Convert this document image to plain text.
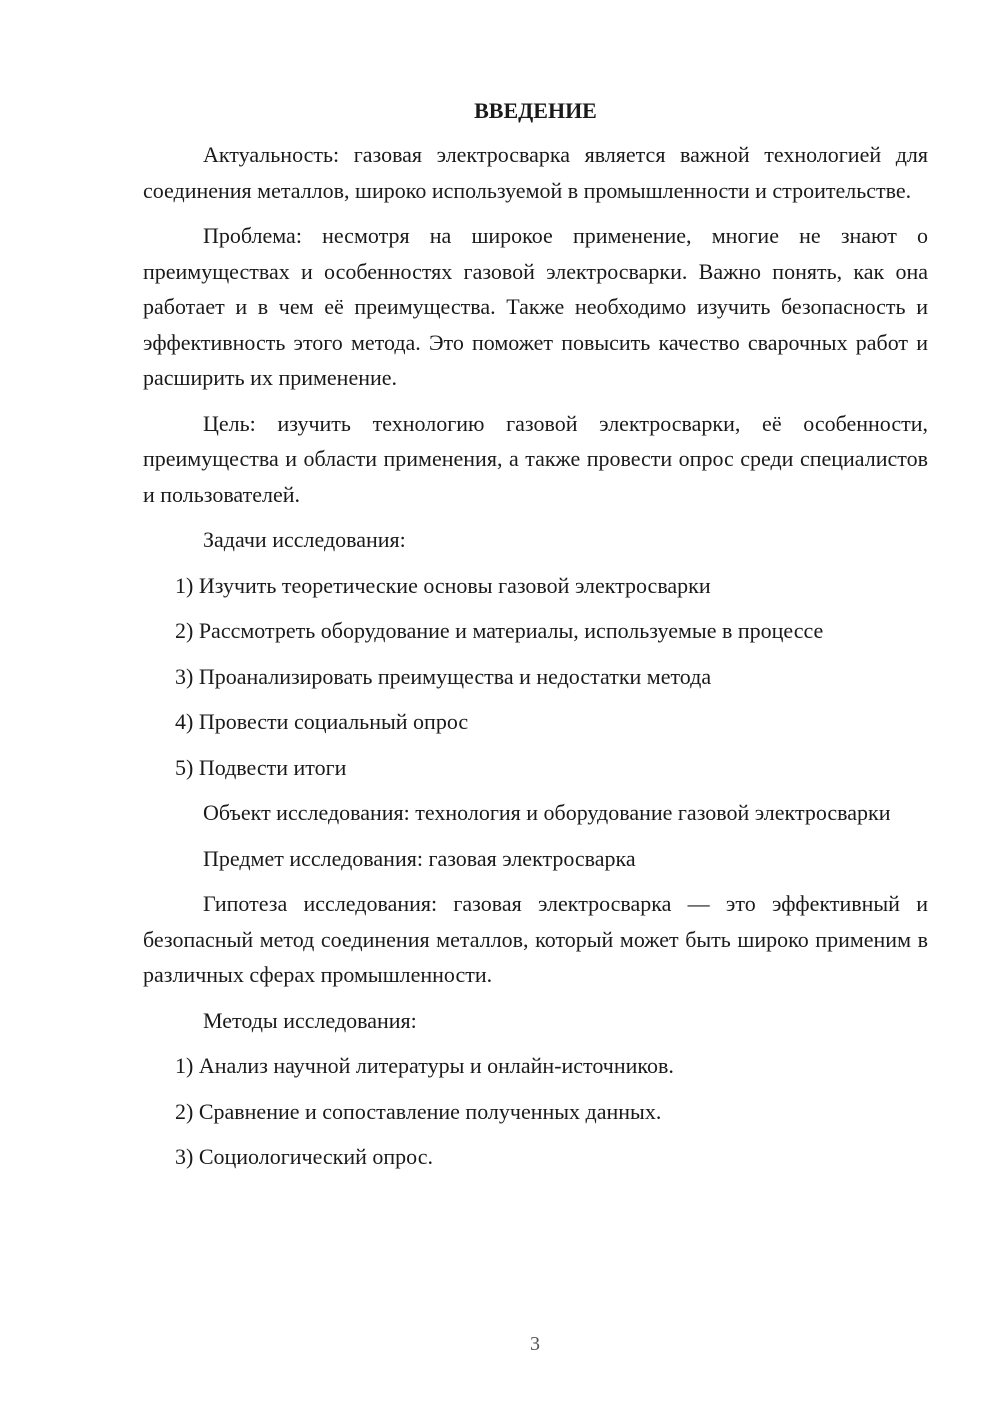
ВВЕДЕНИЕ

Актуальность: газовая электросварка является важной технологией для соединения металлов, широко используемой в промышленности и строительстве.

Проблема: несмотря на широкое применение, многие не знают о преимуществах и особенностях газовой электросварки. Важно понять, как она работает и в чем её преимущества. Также необходимо изучить безопасность и эффективность этого метода. Это поможет повысить качество сварочных работ и расширить их применение.

Цель: изучить технологию газовой электросварки, её особенности, преимущества и области применения, а также провести опрос среди специалистов и пользователей.

Задачи исследования:

1) Изучить теоретические основы газовой электросварки
2) Рассмотреть оборудование и материалы, используемые в процессе
3) Проанализировать преимущества и недостатки метода
4) Провести социальный опрос
5) Подвести итоги

Объект исследования: технология и оборудование газовой электросварки

Предмет исследования: газовая электросварка

Гипотеза исследования: газовая электросварка — это эффективный и безопасный метод соединения металлов, который может быть широко применим в различных сферах промышленности.

Методы исследования:

1) Анализ научной литературы и онлайн-источников.
2) Сравнение и сопоставление полученных данных.
3) Социологический опрос.
3
